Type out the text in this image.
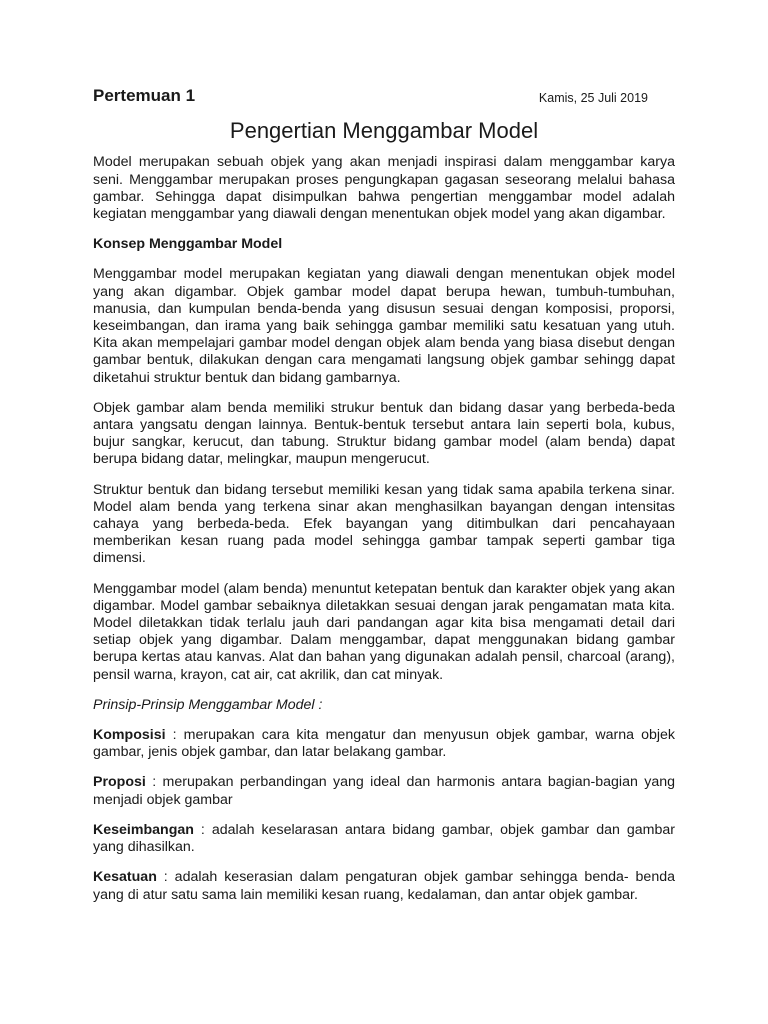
Pertemuan 1	Kamis, 25 Juli 2019
Pengertian Menggambar Model

Model merupakan sebuah objek yang akan menjadi inspirasi dalam menggambar karya seni. Menggambar merupakan proses pengungkapan gagasan seseorang melalui bahasa gambar. Sehingga dapat disimpulkan bahwa pengertian menggambar model adalah kegiatan menggambar yang diawali dengan menentukan objek model yang akan digambar.

Konsep Menggambar Model

Menggambar model merupakan kegiatan yang diawali dengan menentukan objek model yang akan digambar. Objek gambar model dapat berupa hewan, tumbuh-tumbuhan, manusia, dan kumpulan benda-benda yang disusun sesuai dengan komposisi, proporsi, keseimbangan, dan irama yang baik sehingga gambar memiliki satu kesatuan yang utuh. Kita akan mempelajari gambar model dengan objek alam benda yang biasa disebut dengan gambar bentuk, dilakukan dengan cara mengamati langsung objek gambar sehingg dapat diketahui struktur bentuk dan bidang gambarnya.

Objek gambar alam benda memiliki strukur bentuk dan bidang dasar yang berbeda-beda antara yangsatu dengan lainnya. Bentuk-bentuk tersebut antara lain seperti bola, kubus, bujur sangkar, kerucut, dan tabung. Struktur bidang gambar model (alam benda) dapat berupa bidang datar, melingkar, maupun mengerucut.

Struktur bentuk dan bidang tersebut memiliki kesan yang tidak sama apabila terkena sinar. Model alam benda yang terkena sinar akan menghasilkan bayangan dengan intensitas cahaya yang berbeda-beda. Efek bayangan yang ditimbulkan dari pencahayaan memberikan kesan ruang pada model sehingga gambar tampak seperti gambar tiga dimensi.

Menggambar model (alam benda) menuntut ketepatan bentuk dan karakter objek yang akan digambar. Model gambar sebaiknya diletakkan sesuai dengan jarak pengamatan mata kita. Model diletakkan tidak terlalu jauh dari pandangan agar kita bisa mengamati detail dari setiap objek yang digambar. Dalam menggambar, dapat menggunakan bidang gambar berupa kertas atau kanvas. Alat dan bahan yang digunakan adalah pensil, charcoal (arang), pensil warna, krayon, cat air, cat akrilik, dan cat minyak.

Prinsip-Prinsip Menggambar Model :

Komposisi : merupakan cara kita mengatur dan menyusun objek gambar, warna objek gambar, jenis objek gambar, dan latar belakang gambar.

Proposi : merupakan perbandingan yang ideal dan harmonis antara bagian-bagian yang menjadi objek gambar

Keseimbangan : adalah keselarasan antara bidang gambar, objek gambar dan gambar yang dihasilkan.

Kesatuan : adalah keserasian dalam pengaturan objek gambar sehingga benda- benda yang di atur satu sama lain memiliki kesan ruang, kedalaman, dan antar objek gambar.
